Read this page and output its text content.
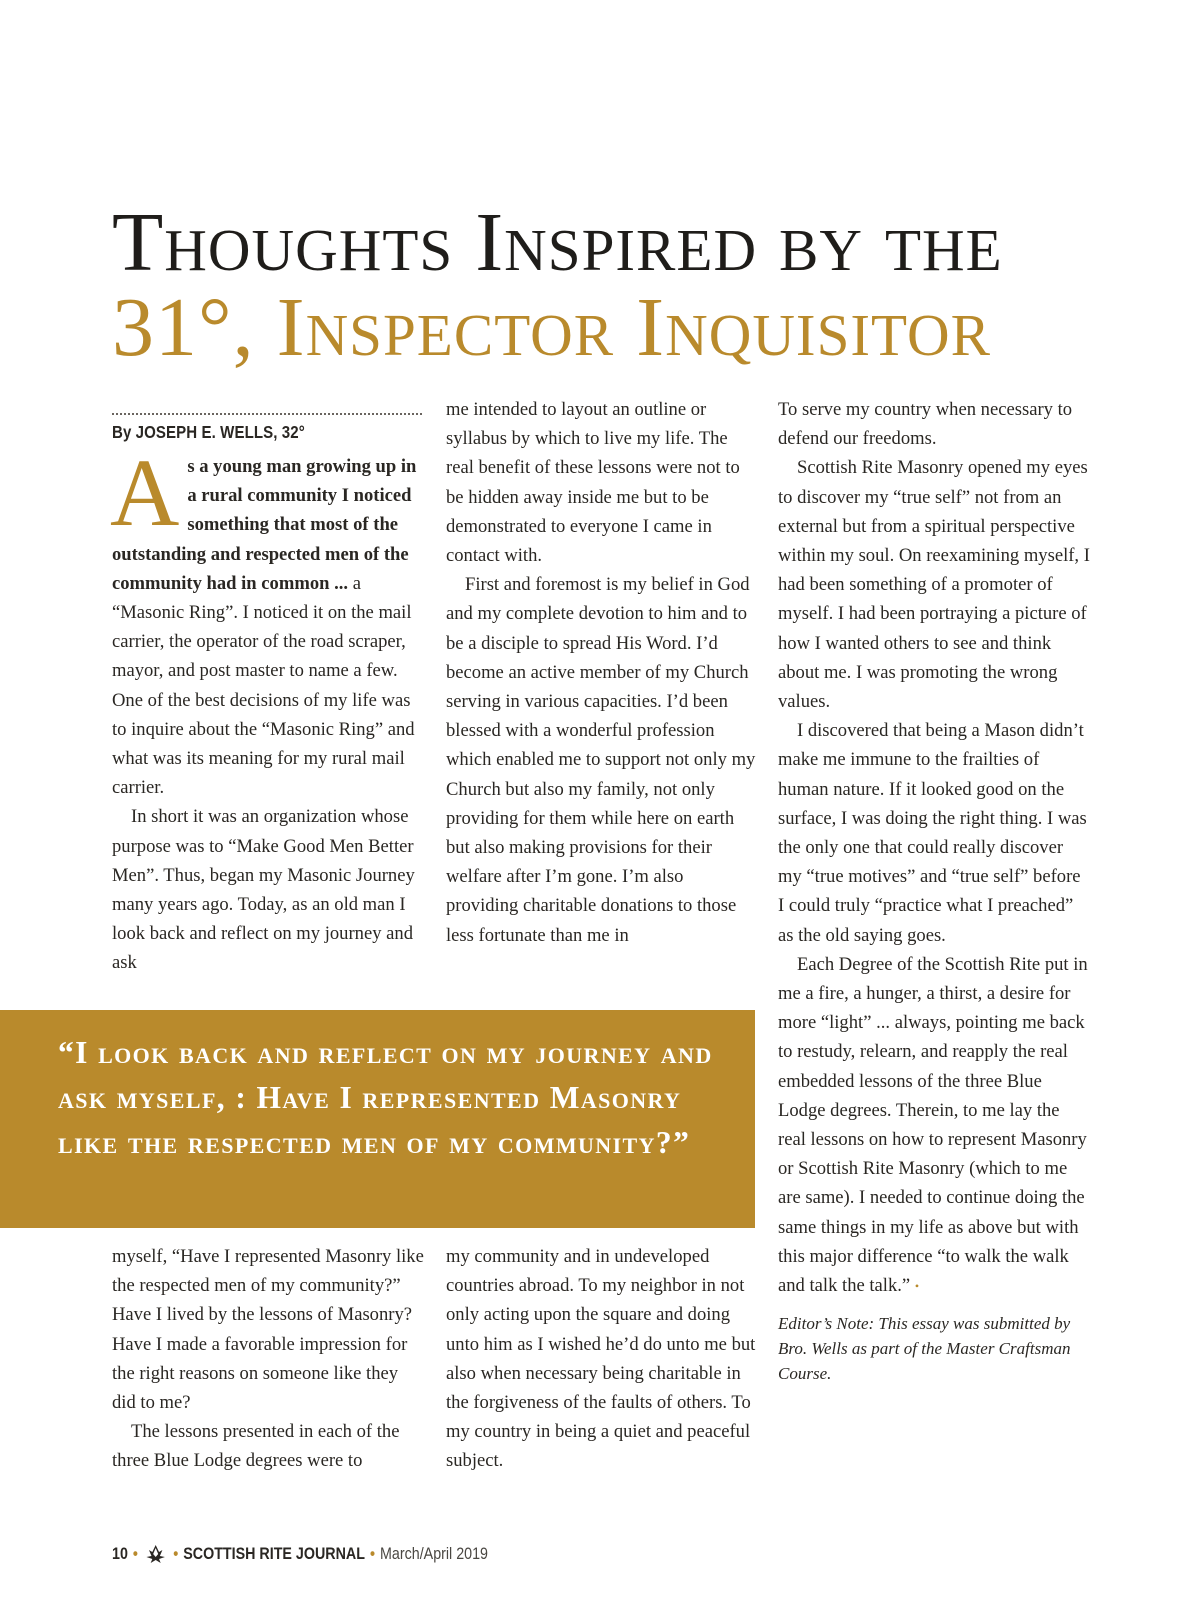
Thoughts Inspired by the
31°, Inspector Inquisitor
By JOSEPH E. WELLS, 32°

As a young man growing up in a rural community I noticed something that most of the outstanding and respected men of the community had in common ... a “Masonic Ring”. I noticed it on the mail carrier, the operator of the road scraper, mayor, and post master to name a few. One of the best decisions of my life was to inquire about the “Masonic Ring” and what was its meaning for my rural mail carrier.

In short it was an organization whose purpose was to “Make Good Men Better Men”. Thus, began my Masonic Journey many years ago. Today, as an old man I look back and reflect on my journey and ask

me intended to layout an outline or syllabus by which to live my life. The real benefit of these lessons were not to be hidden away inside me but to be demonstrated to everyone I came in contact with.

First and foremost is my belief in God and my complete devotion to him and to be a disciple to spread His Word. I’d become an active member of my Church serving in various capacities. I’d been blessed with a wonderful profession which enabled me to support not only my Church but also my family, not only providing for them while here on earth but also making provisions for their welfare after I’m gone. I’m also providing charitable donations to those less fortunate than me in

To serve my country when necessary to defend our freedoms.

Scottish Rite Masonry opened my eyes to discover my “true self” not from an external but from a spiritual perspective within my soul. On reexamining myself, I had been something of a promoter of myself. I had been portraying a picture of how I wanted others to see and think about me. I was promoting the wrong values.

I discovered that being a Mason didn’t make me immune to the frailties of human nature. If it looked good on the surface, I was doing the right thing. I was the only one that could really discover my “true motives” and “true self” before I could truly “practice what I preached” as the old saying goes.

Each Degree of the Scottish Rite put in me a fire, a hunger, a thirst, a desire for more “light” ... always, pointing me back to restudy, relearn, and reapply the real embedded lessons of the three Blue Lodge degrees. Therein, to me lay the real lessons on how to represent Masonry or Scottish Rite Masonry (which to me are same). I needed to continue doing the same things in my life as above but with this major difference “to walk the walk and talk the talk.” •

Editor’s Note: This essay was submitted by Bro. Wells as part of the Master Craftsman Course.

“I look back and reflect on my journey and ask myself, : Have I represented Masonry like the respected men of my community?”

myself, “Have I represented Masonry like the respected men of my community?” Have I lived by the lessons of Masonry? Have I made a favorable impression for the right reasons on someone like they did to me?

The lessons presented in each of the three Blue Lodge degrees were to

my community and in undeveloped countries abroad. To my neighbor in not only acting upon the square and doing unto him as I wished he’d do unto me but also when necessary being charitable in the forgiveness of the faults of others. To my country in being a quiet and peaceful subject.

10 • • SCOTTISH RITE JOURNAL • March/April 2019
